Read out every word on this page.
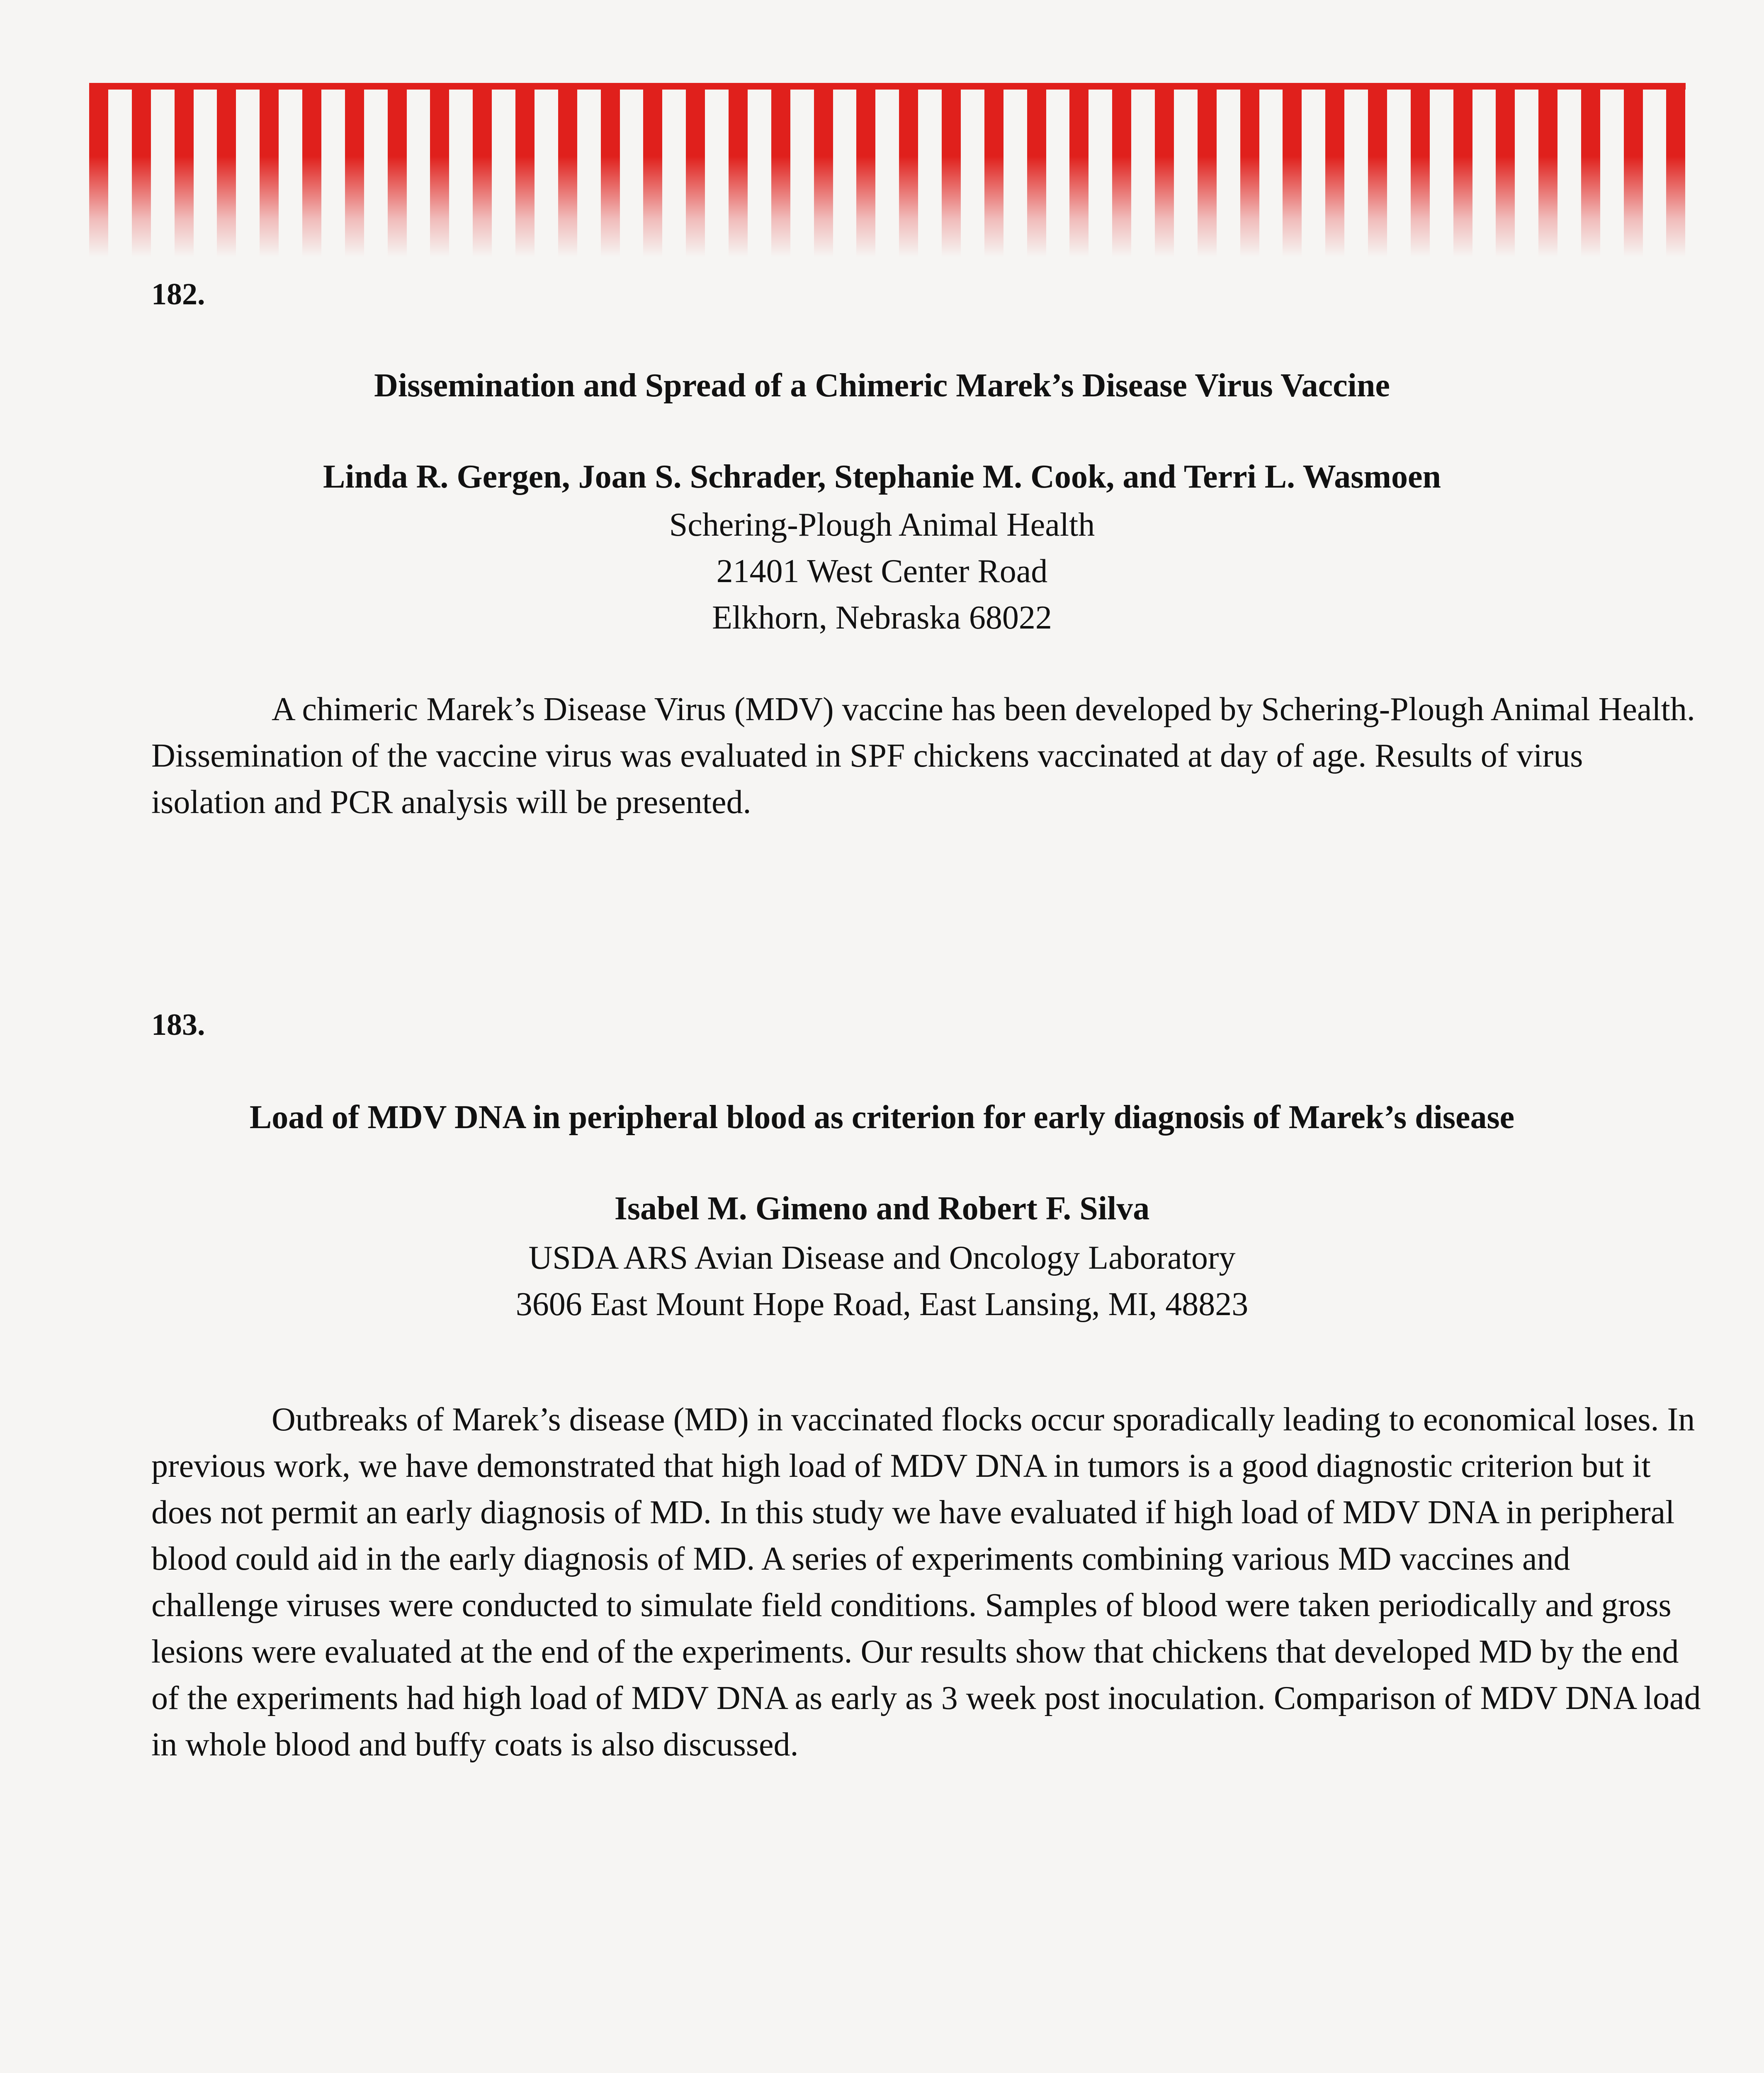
182.
Dissemination and Spread of a Chimeric Marek’s Disease Virus Vaccine
Linda R. Gergen, Joan S. Schrader, Stephanie M. Cook, and Terri L. Wasmoen
Schering-Plough Animal Health
21401 West Center Road
Elkhorn, Nebraska 68022
A chimeric Marek’s Disease Virus (MDV) vaccine has been developed by Schering-Plough Animal Health. Dissemination of the vaccine virus was evaluated in SPF chickens vaccinated at day of age. Results of virus isolation and PCR analysis will be presented.
183.
Load of MDV DNA in peripheral blood as criterion for early diagnosis of Marek’s disease
Isabel M. Gimeno and Robert F. Silva
USDA ARS Avian Disease and Oncology Laboratory
3606 East Mount Hope Road, East Lansing, MI, 48823
Outbreaks of Marek’s disease (MD) in vaccinated flocks occur sporadically leading to economical loses. In previous work, we have demonstrated that high load of MDV DNA in tumors is a good diagnostic criterion but it does not permit an early diagnosis of MD. In this study we have evaluated if high load of MDV DNA in peripheral blood could aid in the early diagnosis of MD. A series of experiments combining various MD vaccines and challenge viruses were conducted to simulate field conditions. Samples of blood were taken periodically and gross lesions were evaluated at the end of the experiments. Our results show that chickens that developed MD by the end of the experiments had high load of MDV DNA as early as 3 week post inoculation. Comparison of MDV DNA load in whole blood and buffy coats is also discussed.
